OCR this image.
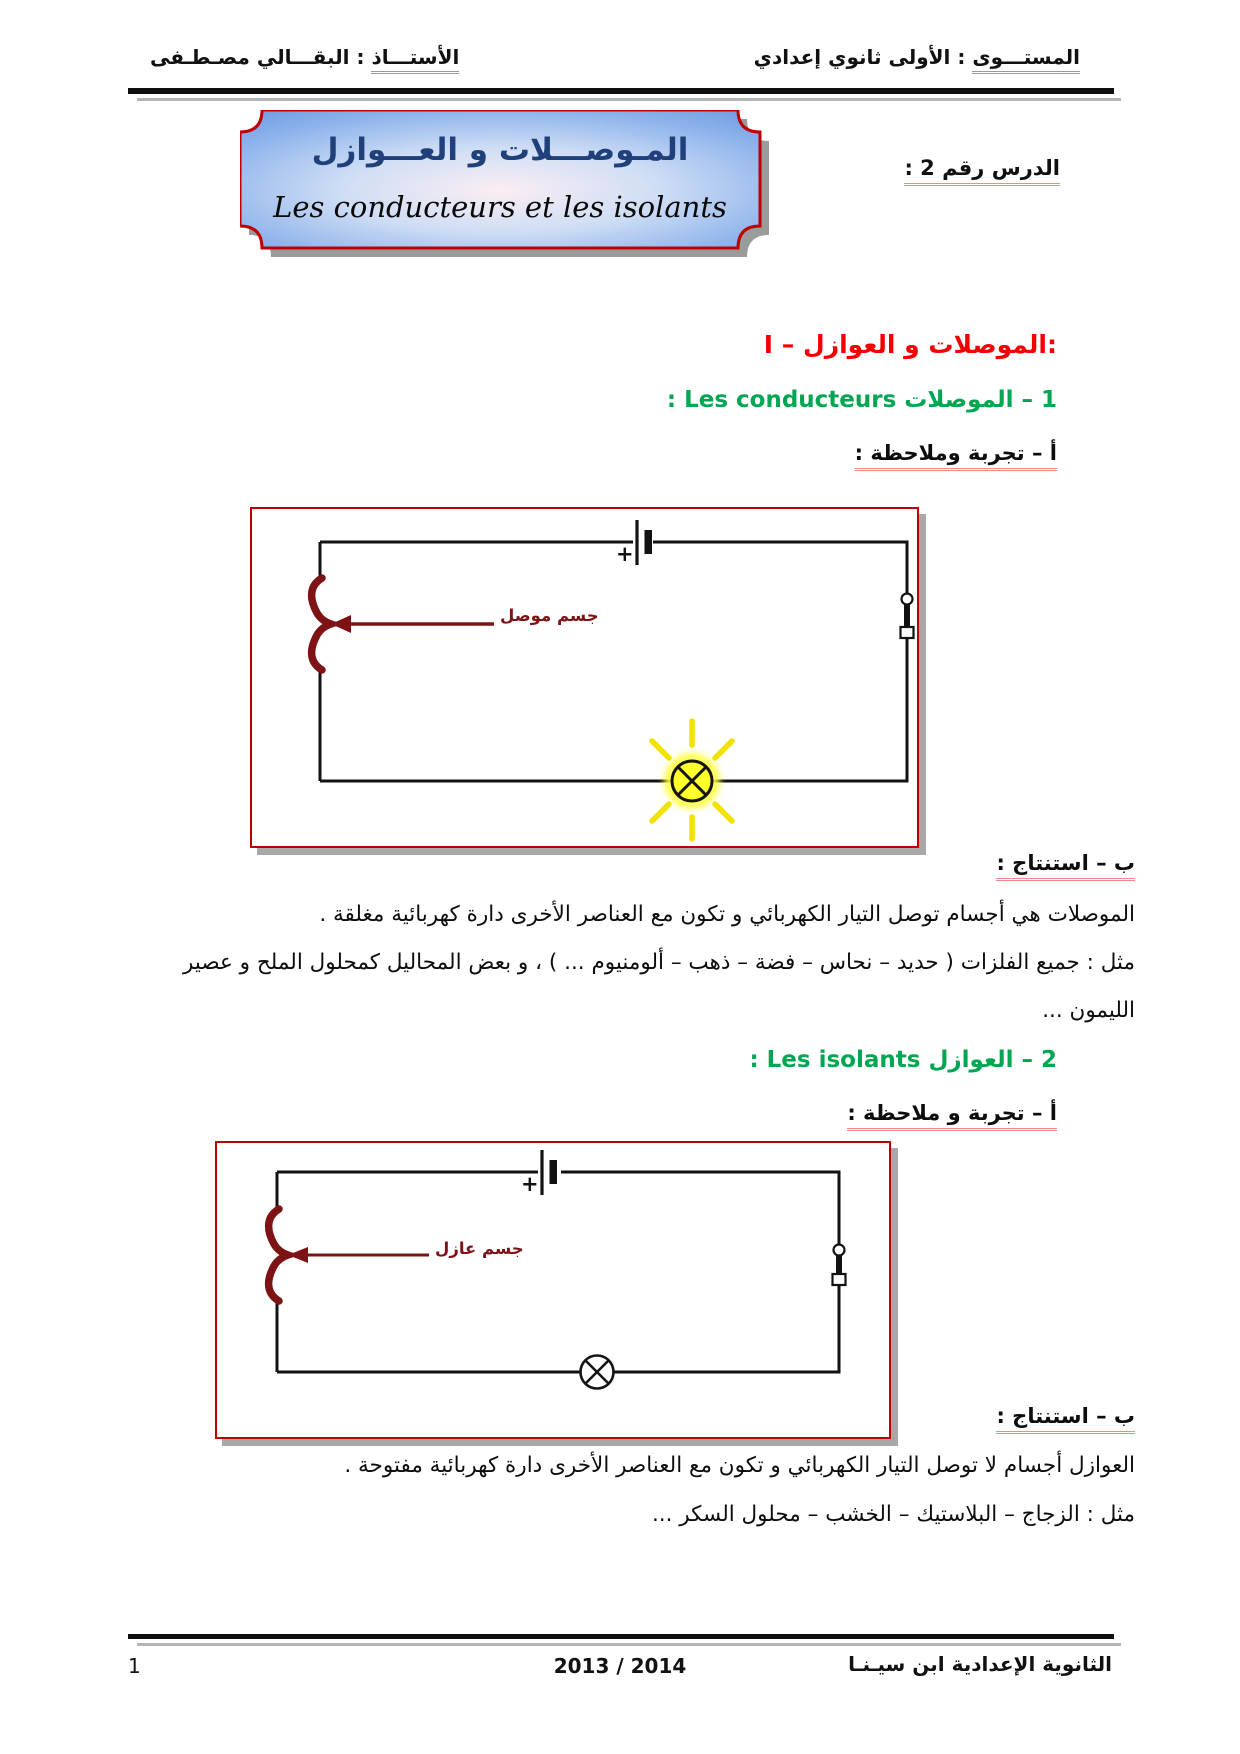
المستـــوى : الأولى ثانوي إعدادي
الأستـــاذ : البقـــالي مصـطـفى
الدرس رقم 2 :
المـوصـــلات و العـــوازل
Les conducteurs et les isolants
I – الموصلات و العوازل:
1 – الموصلات Les conducteurs :
أ – تجربة وملاحظة :
+
جسم موصل
ب – استنتاج :
الموصلات هي أجسام توصل التيار الكهربائي و تكون مع العناصر الأخرى دارة كهربائية مغلقة .
مثل : جميع الفلزات ( حديد – نحاس – فضة – ذهب – ألومنيوم ... ) ، و بعض المحاليل كمحلول الملح و عصير
الليمون ...
2 – العوازل Les isolants :
أ – تجربة و ملاحظة :
+
جسم عازل
ب – استنتاج :
العوازل أجسام لا توصل التيار الكهربائي و تكون مع العناصر الأخرى دارة كهربائية مفتوحة .
مثل : الزجاج – البلاستيك – الخشب – محلول السكر ...
1	2013 / 2014	الثانوية الإعدادية ابن سيـنـا
